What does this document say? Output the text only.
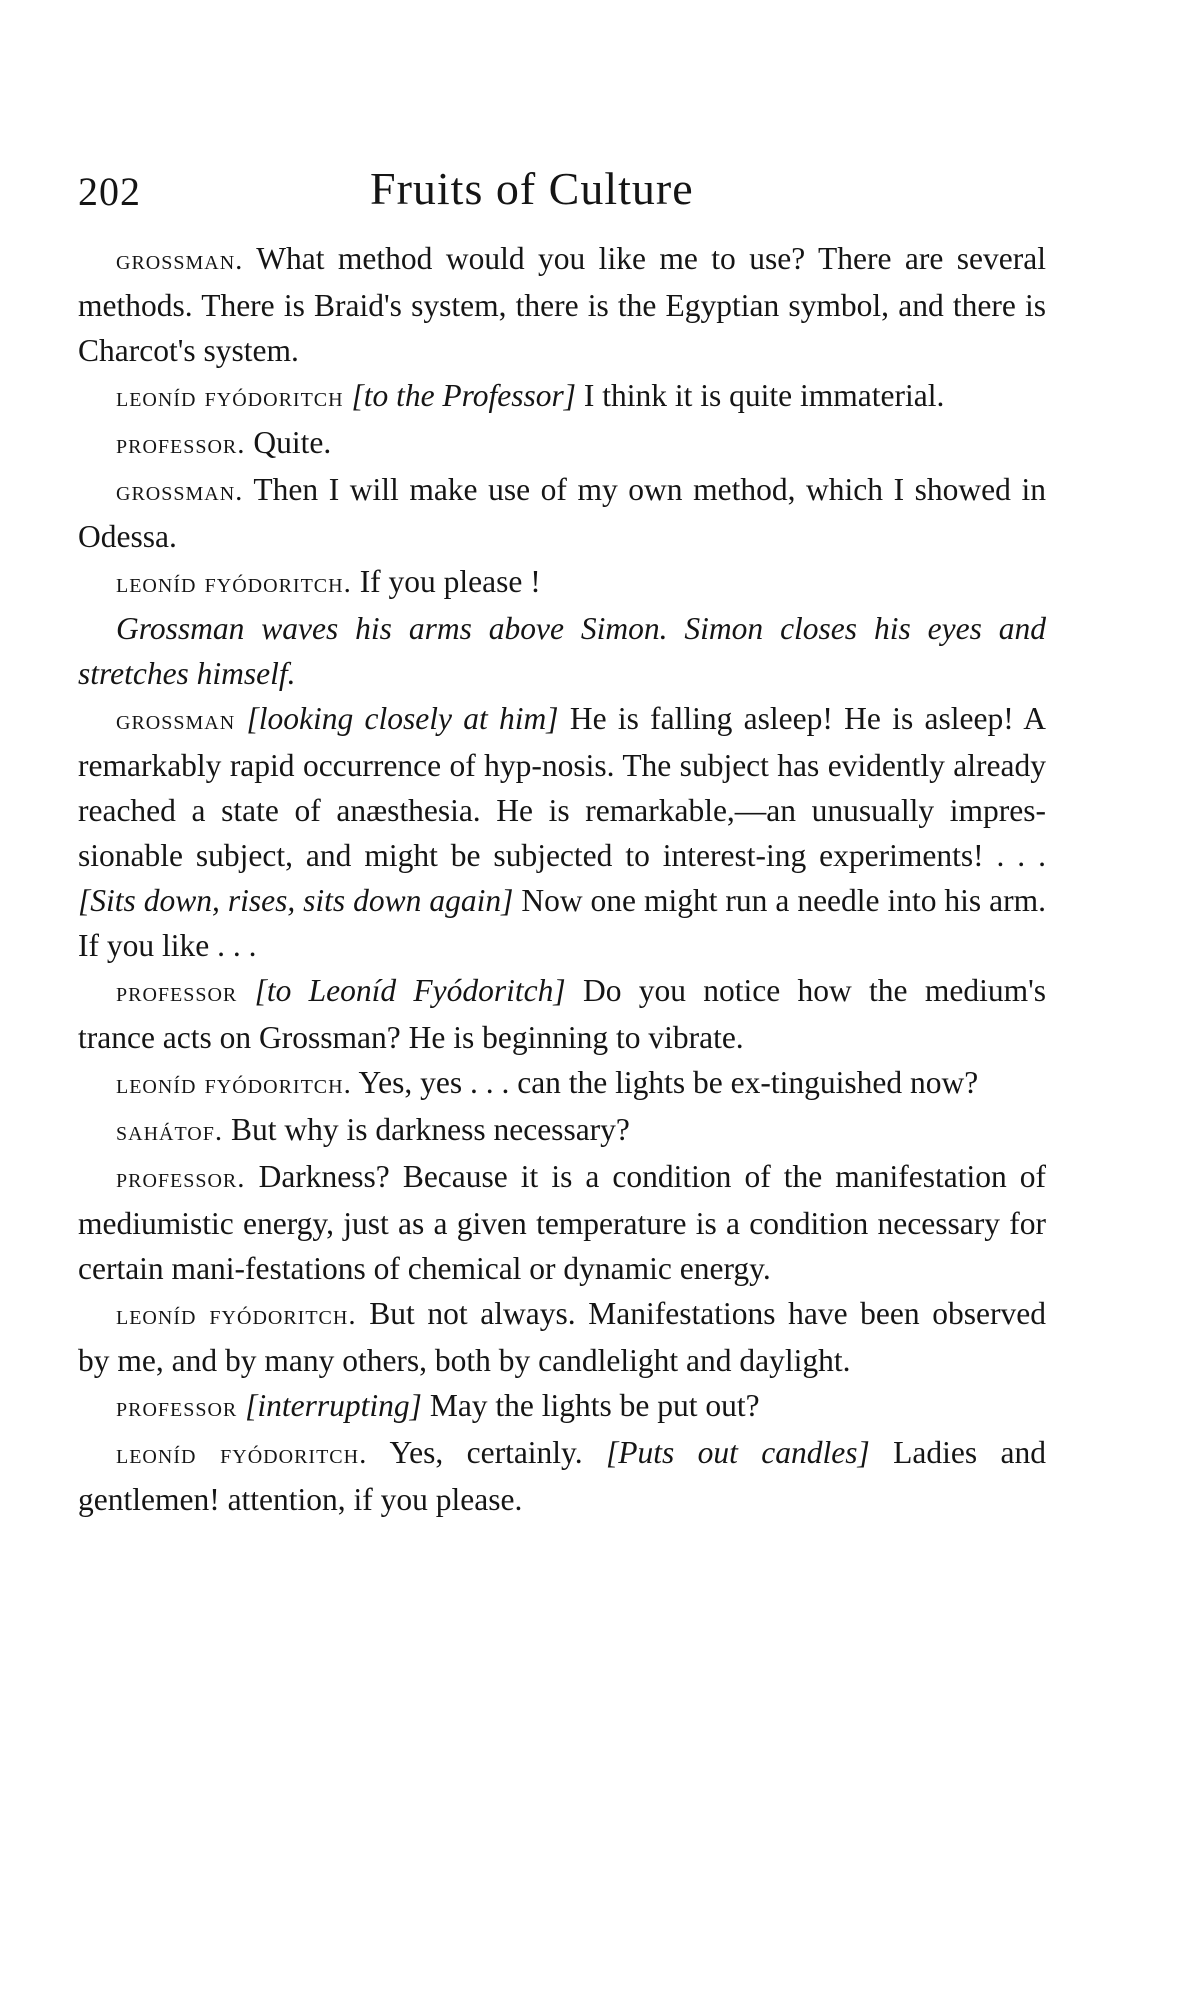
202	Fruits of Culture

grossman. What method would you like me to use? There are several methods. There is Braid's system, there is the Egyptian symbol, and there is Charcot's system.

leoníd fyódoritch [to the Professor] I think it is quite immaterial.

professor. Quite.

grossman. Then I will make use of my own method, which I showed in Odessa.

leoníd fyódoritch. If you please !

Grossman waves his arms above Simon. Simon closes his eyes and stretches himself.

grossman [looking closely at him] He is falling asleep! He is asleep! A remarkably rapid occurrence of hyp-nosis. The subject has evidently already reached a state of anæsthesia. He is remarkable,—an unusually impres-sionable subject, and might be subjected to interest-ing experiments! . . . [Sits down, rises, sits down again] Now one might run a needle into his arm. If you like . . .

professor [to Leoníd Fyódoritch] Do you notice how the medium's trance acts on Grossman? He is beginning to vibrate.

leoníd fyódoritch. Yes, yes . . . can the lights be ex-tinguished now?

sahátof. But why is darkness necessary?

professor. Darkness? Because it is a condition of the manifestation of mediumistic energy, just as a given temperature is a condition necessary for certain mani-festations of chemical or dynamic energy.

leoníd fyódoritch. But not always. Manifestations have been observed by me, and by many others, both by candlelight and daylight.

professor [interrupting] May the lights be put out?

leoníd fyódoritch. Yes, certainly. [Puts out candles] Ladies and gentlemen! attention, if you please.
